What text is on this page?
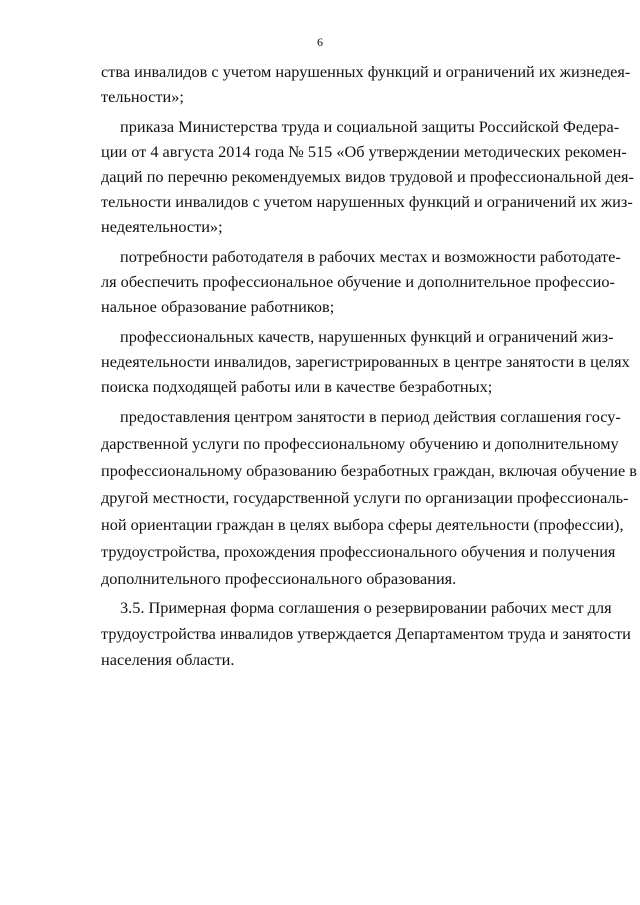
6
ства инвалидов с учетом нарушенных функций и ограничений их жизнедея-
тельности»;
приказа Министерства труда и социальной защиты Российской Федера-
ции от 4 августа 2014 года № 515 «Об утверждении методических рекомен-
даций по перечню рекомендуемых видов трудовой и профессиональной дея-
тельности инвалидов с учетом нарушенных функций и ограничений их жиз-
недеятельности»;
потребности работодателя в рабочих местах и возможности работодате-
ля обеспечить профессиональное обучение и дополнительное профессио-
нальное образование работников;
профессиональных качеств, нарушенных функций и ограничений жиз-
недеятельности инвалидов, зарегистрированных в центре занятости в целях
поиска подходящей работы или в качестве безработных;
предоставления центром занятости в период действия соглашения госу-
дарственной услуги по профессиональному обучению и дополнительному
профессиональному образованию безработных граждан, включая обучение в
другой местности, государственной услуги по организации профессиональ-
ной ориентации граждан в целях выбора сферы деятельности (профессии),
трудоустройства, прохождения профессионального обучения и получения
дополнительного профессионального образования.
3.5. Примерная форма соглашения о резервировании рабочих мест для
трудоустройства инвалидов утверждается Департаментом труда и занятости
населения области.
